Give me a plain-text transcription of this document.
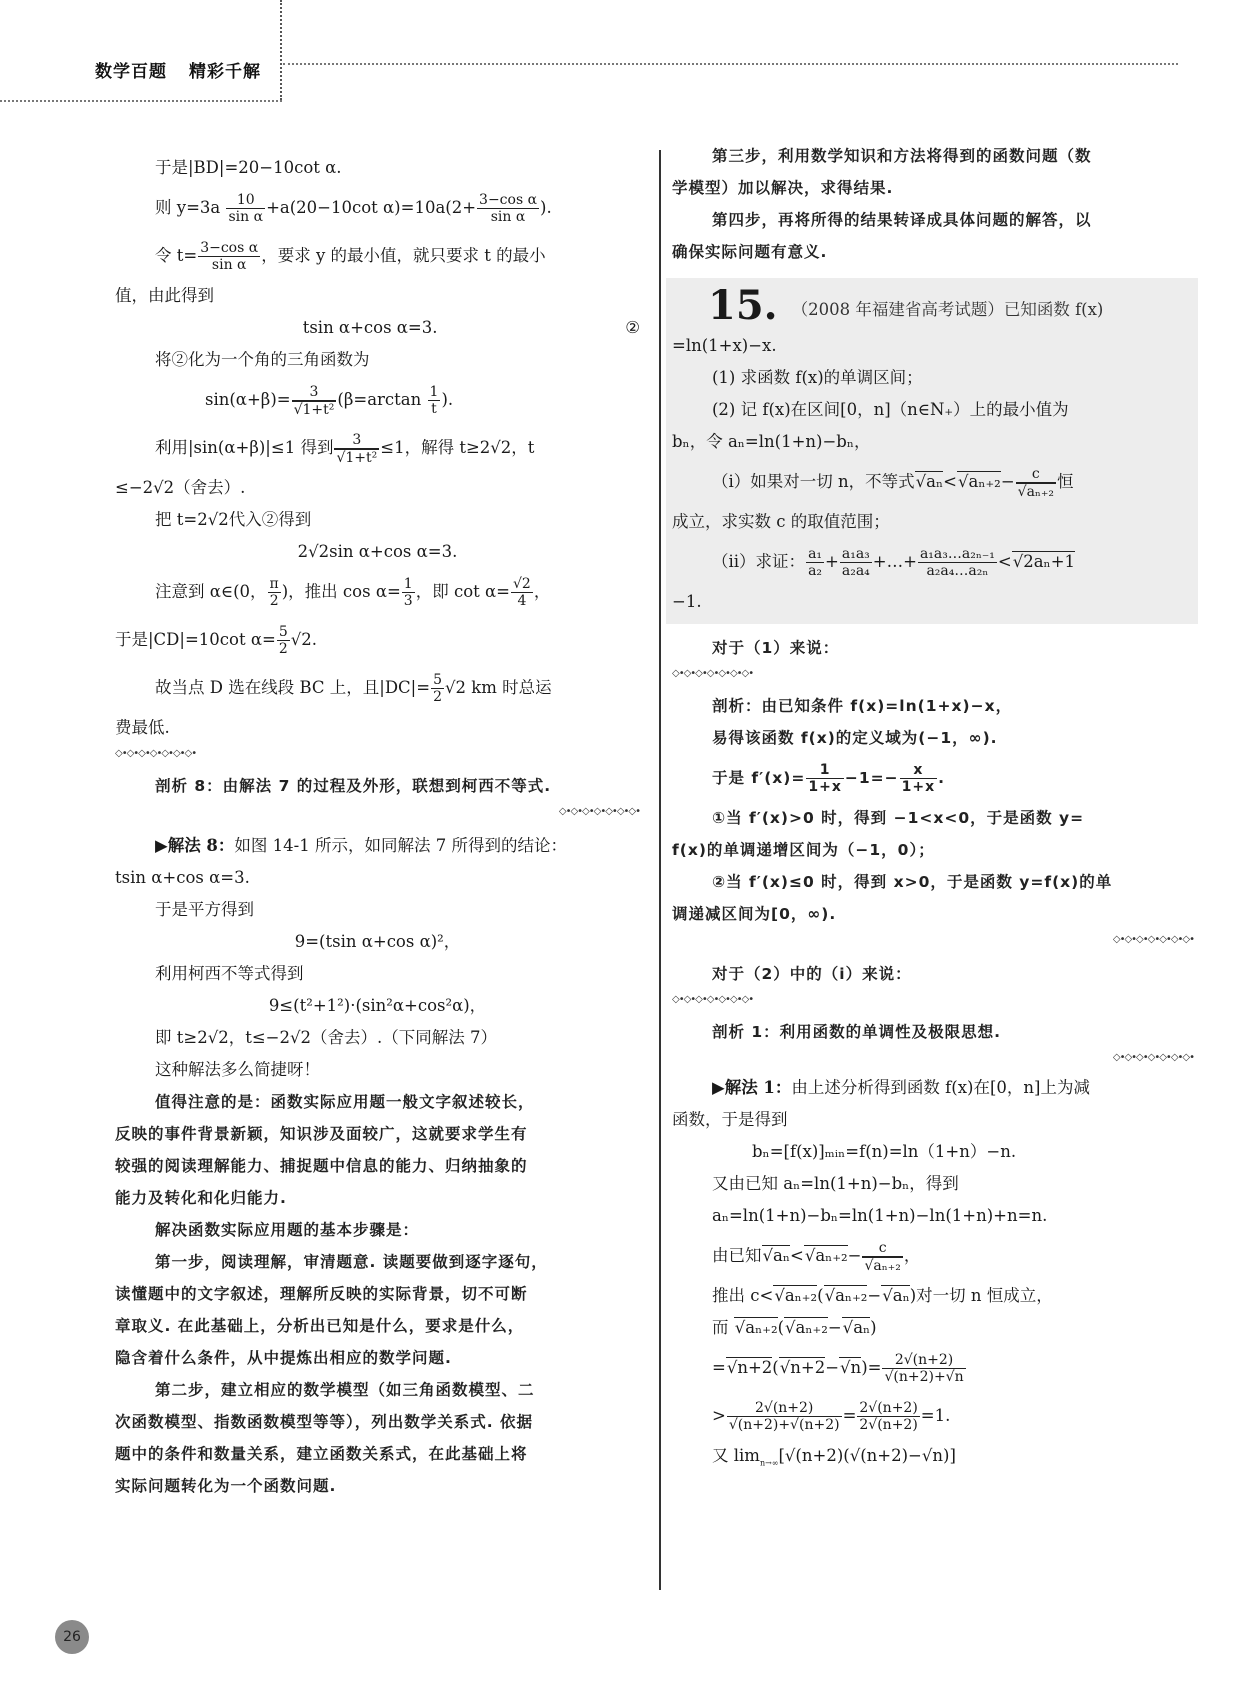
数学百题 精彩千解
于是|BD|=20−10cot α.
则 $y=3a \frac{10}{\text{sin α}} +a(20-10\cot$ $\alpha)=10a(2+ \frac{\text{3−cos α}}{\text{sin α}}$ ).
令 $t= \frac{\text{3−cos α}}{\text{sin α}}$ ，要求 y 的最小值，就只要求 t 的最小
值，由此得到
tsin α+cos α=3.	②
将②化为一个角的三角函数为
sin(α+β)= 3
√ 1+t² ($\beta=\arctan \frac{1}{t}$ ).
利用|sin(α+β)|≤1 得到 3
√ 1+t² ≤1，解得 t≥2√2，t
≤−2√2（舍去）.
把 t=2√2代入②得到
2√2sin α+cos α=3.
注意到 α∈(0， $\frac{\pi}{2}$ )，推出 $\cos \alpha= \frac{1}{3}$ ，即 $\cot \alpha= \frac{√2}{4}$ ，
于是|CD|=10cot $\alpha= \frac{5}{2} √2$.
故当点 D 选在线段 BC 上，且$|DC|= \frac{5}{2} √2$ km 时总运
费最低.
◇•◇•◇•◇•◇•◇•◇•
剖析 8：由解法 7 的过程及外形，联想到柯西不等式.
◇•◇•◇•◇•◇•◇•◇•
▶解法 8：如图 14-1 所示，如同解法 7 所得到的结论：
tsin α+cos α=3.
于是平方得到
9=(tsin α+cos α)²，
利用柯西不等式得到
9≤(t²+1²)·(sin²α+cos²α)，
即 t≥2√2，t≤−2√2（舍去）.（下同解法 7）
这种解法多么简捷呀！
值得注意的是：函数实际应用题一般文字叙述较长，
反映的事件背景新颖，知识涉及面较广，这就要求学生有
较强的阅读理解能力、捕捉题中信息的能力、归纳抽象的
能力及转化和化归能力.
解决函数实际应用题的基本步骤是：
第一步，阅读理解，审清题意. 读题要做到逐字逐句，
读懂题中的文字叙述，理解所反映的实际背景，切不可断
章取义. 在此基础上，分析出已知是什么，要求是什么，
隐含着什么条件，从中提炼出相应的数学问题.
第二步，建立相应的数学模型（如三角函数模型、二
次函数模型、指数函数模型等等），列出数学关系式. 依据
题中的条件和数量关系，建立函数关系式，在此基础上将
实际问题转化为一个函数问题.
第三步，利用数学知识和方法将得到的函数问题（数
学模型）加以解决，求得结果.
第四步，再将所得的结果转译成具体问题的解答，以
确保实际问题有意义.
15. （2008 年福建省高考试题）已知函数 f(x)
=ln(1+x)−x.
(1) 求函数 f(x)的单调区间；
(2) 记 f(x)在区间[0，n]（n∈N₊）上的最小值为
bₙ，令 aₙ=ln(1+n)−bₙ，
（ⅰ）如果对一切 n，不等式 √ aₙ< √ aₙ₊₂− c
√ aₙ₊₂ 恒
成立，求实数 c 的取值范围；
（ⅱ）求证： $\frac{\text{a₁}}{\text{a₂}} + \frac{\text{a₁a₃}}{\text{a₂a₄}}$ +…+ $\frac{\text{a₁a₃…a₂ₙ₋₁}}{\text{a₂a₄…a₂ₙ}}$ < √ 2aₙ+1
−1.
对于（1）来说：
◇•◇•◇•◇•◇•◇•◇•
剖析：由已知条件 f(x)=ln(1+x)−x，
易得该函数 f(x)的定义域为(−1，∞).
于是 $f'(x)= \frac{1}{1+x} -1=- \frac{x}{1+x}$ .
①当 f′(x)>0 时，得到 −1<x<0，于是函数 y=
f(x)的单调递增区间为（−1，0）；
②当 f′(x)≤0 时，得到 x>0，于是函数 y=f(x)的单
调递减区间为[0，∞).
◇•◇•◇•◇•◇•◇•◇•
对于（2）中的（ⅰ）来说：
◇•◇•◇•◇•◇•◇•◇•
剖析 1：利用函数的单调性及极限思想.
◇•◇•◇•◇•◇•◇•◇•
▶解法 1：由上述分析得到函数 f(x)在[0，n]上为减
函数，于是得到
bₙ=[f(x)]ₘᵢₙ=f(n)=ln（1+n）−n.
又由已知 aₙ=ln(1+n)−bₙ，得到
aₙ=ln(1+n)−bₙ=ln(1+n)−ln(1+n)+n=n.
由已知 √ aₙ< √ aₙ₊₂− c
√ aₙ₊₂ ，
推出 c< √ aₙ₊₂( √ aₙ₊₂− √ aₙ)对一切 n 恒成立，
而 √ aₙ₊₂( √ aₙ₊₂− √ aₙ)
= √ n+2( √ n+2− √ $n)= \frac{2√(n+2)}{√(n+2)+√n}$
> $\frac{2√(n+2)}{√(n+2)+√(n+2)} = \frac{2√(n+2)}{2√(n+2)} =1$.
又 $\lim_{n\to\infty}[√(n+2)(√(n+2)-√n)]$
26
